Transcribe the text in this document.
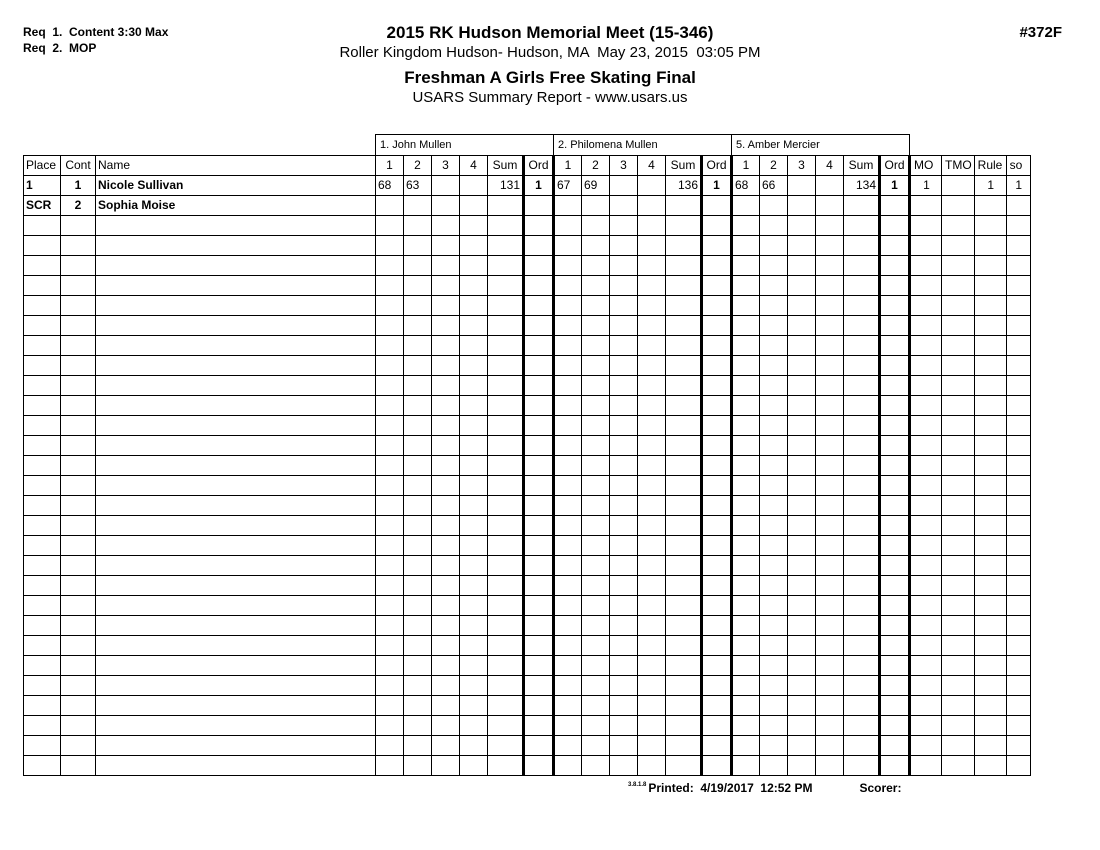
Req  1.  Content 3:30 Max
Req  2.  MOP
#372F
2015 RK Hudson Memorial Meet (15-346)
Roller Kingdom Hudson- Hudson, MA  May 23, 2015  03:05 PM
Freshman A Girls Free Skating Final
USARS Summary Report - www.usars.us
			1. John Mullen						2. Philomena Mullen						5. Amber Mercier									
Place	Cont	Name	1	2	3	4	Sum	Ord	1	2	3	4	Sum	Ord	1	2	3	4	Sum	Ord	MO	TMO	Rule	so
1	1	Nicole Sullivan	68	63			131	1	67	69			136	1	68	66			134	1	1		1	1
SCR	2	Sophia Moise																						

3.8.1.8 Printed:  4/19/2017  12:52 PM	Scorer:
